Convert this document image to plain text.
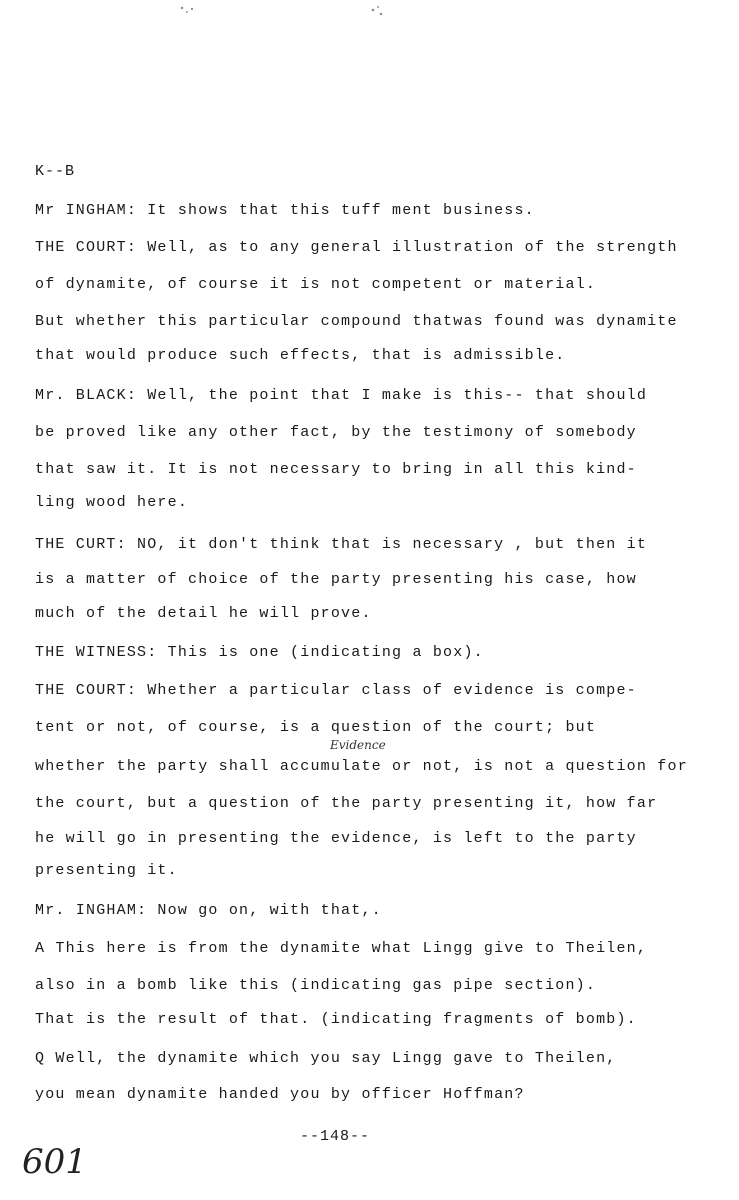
K--B
Mr INGHAM: It shows that this tuff ment business.
THE COURT: Well, as to any general illustration of the strength
of dynamite, of course it is not competent or material.
But whether this particular compound thatwas found was dynamite
that would produce such effects, that is admissible.
Mr. BLACK: Well, the point that I make is this-- that should
be proved like any other fact, by the testimony of somebody
that saw it. It is not necessary to bring in all this kind-
ling wood here.
THE CURT: NO, it don't think that is necessary , but then it
is a matter of choice of the party presenting his case, how
much of the detail he will prove.
THE WITNESS: This is one (indicating a box).
THE COURT: Whether a particular class of evidence is compe-
tent or not, of course, is a question of the court; but
Evidence
whether the party shall accumulate or not, is not a question for
the court, but a question of the party presenting it, how far
he will go in presenting the evidence, is left to the party
presenting it.
Mr. INGHAM: Now go on, with that,.
A This here is from the dynamite what Lingg give to Theilen,
also in a bomb like this (indicating gas pipe section).
That is the result of that. (indicating fragments of bomb).
Q Well, the dynamite which you say Lingg gave to Theilen,
you mean dynamite handed you by officer Hoffman?
--148--
601
